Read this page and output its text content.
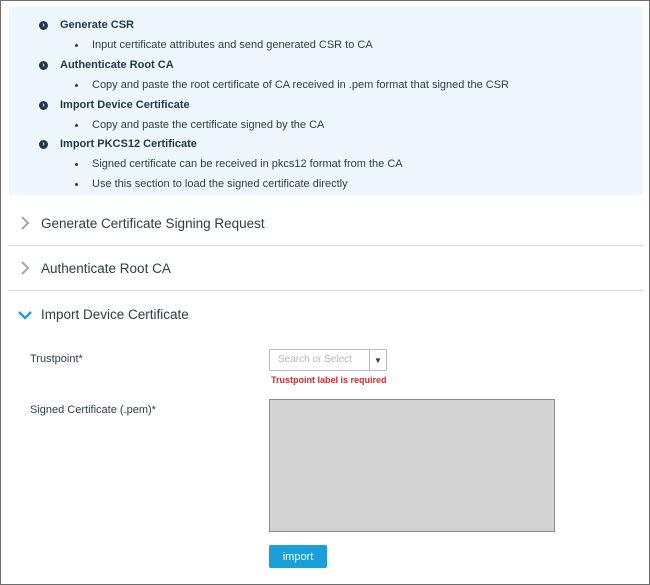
›	Generate CSR
Input certificate attributes and send generated CSR to CA
›	Authenticate Root CA
Copy and paste the root certificate of CA received in .pem format that signed the CSR
›	Import Device Certificate
Copy and paste the certificate signed by the CA
›	Import PKCS12 Certificate
Signed certificate can be received in pkcs12 format from the CA
Use this section to load the signed certificate directly
Generate Certificate Signing Request
Authenticate Root CA
Import Device Certificate
Trustpoint*	Search or Select	▼
Trustpoint label is required
Signed Certificate (.pem)*
import
